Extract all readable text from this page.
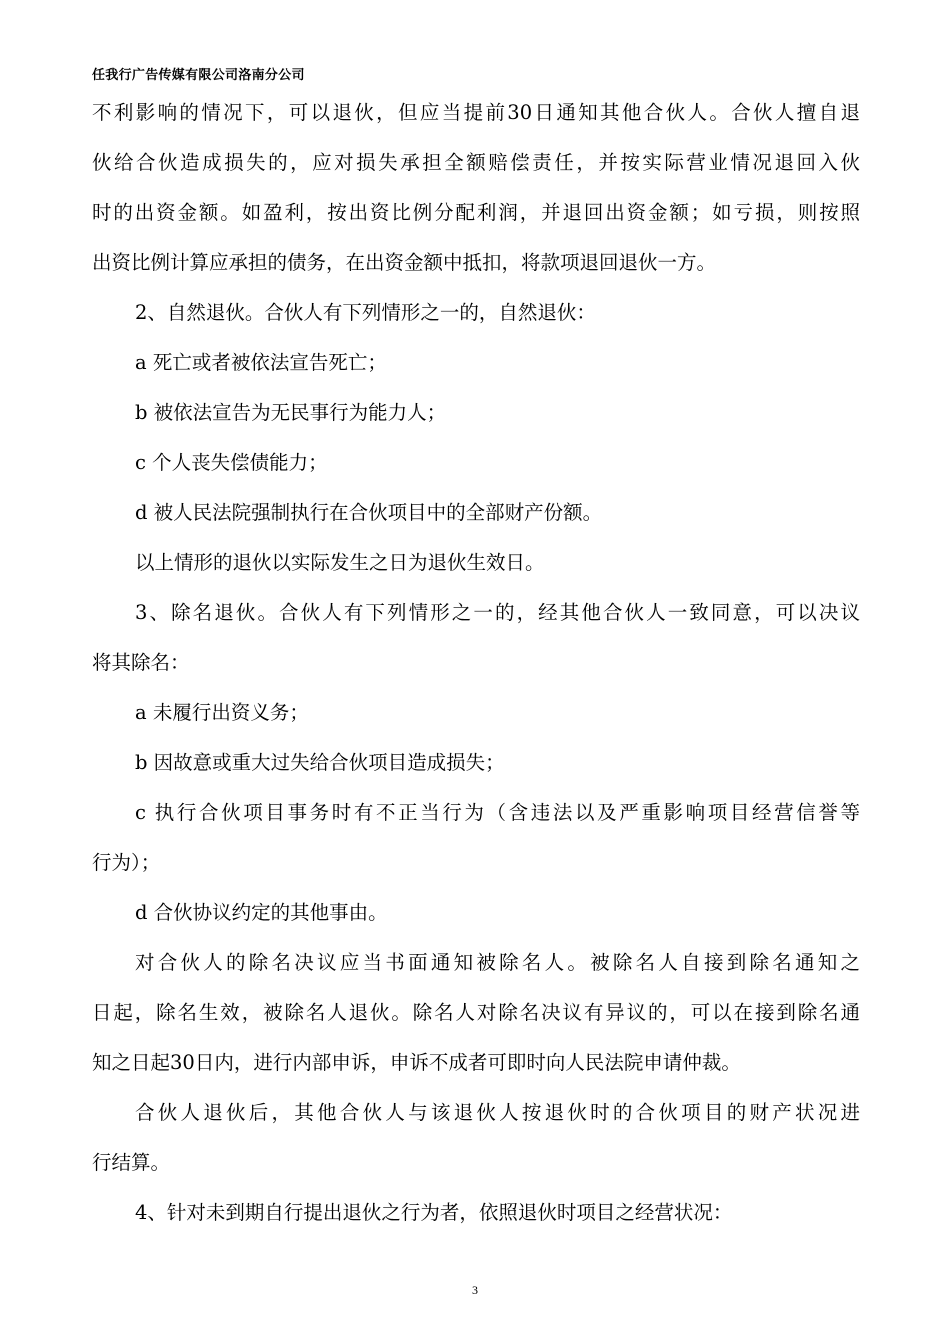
任我行广告传媒有限公司洛南分公司
不利影响的情况下，可以退伙，但应当提前30日通知其他合伙人。合伙人擅自退
伙给合伙造成损失的，应对损失承担全额赔偿责任，并按实际营业情况退回入伙
时的出资金额。如盈利，按出资比例分配利润，并退回出资金额；如亏损，则按照
出资比例计算应承担的债务，在出资金额中抵扣，将款项退回退伙一方。
2、自然退伙。合伙人有下列情形之一的，自然退伙：
a 死亡或者被依法宣告死亡；
b 被依法宣告为无民事行为能力人；
c 个人丧失偿债能力；
d 被人民法院强制执行在合伙项目中的全部财产份额。
以上情形的退伙以实际发生之日为退伙生效日。
3、除名退伙。合伙人有下列情形之一的，经其他合伙人一致同意，可以决议
将其除名：
a 未履行出资义务；
b 因故意或重大过失给合伙项目造成损失；
c 执行合伙项目事务时有不正当行为（含违法以及严重影响项目经营信誉等
行为）；
d 合伙协议约定的其他事由。
对合伙人的除名决议应当书面通知被除名人。被除名人自接到除名通知之
日起，除名生效，被除名人退伙。除名人对除名决议有异议的，可以在接到除名通
知之日起30日内，进行内部申诉，申诉不成者可即时向人民法院申请仲裁。
合伙人退伙后，其他合伙人与该退伙人按退伙时的合伙项目的财产状况进
行结算。
4、针对未到期自行提出退伙之行为者，依照退伙时项目之经营状况：
3
